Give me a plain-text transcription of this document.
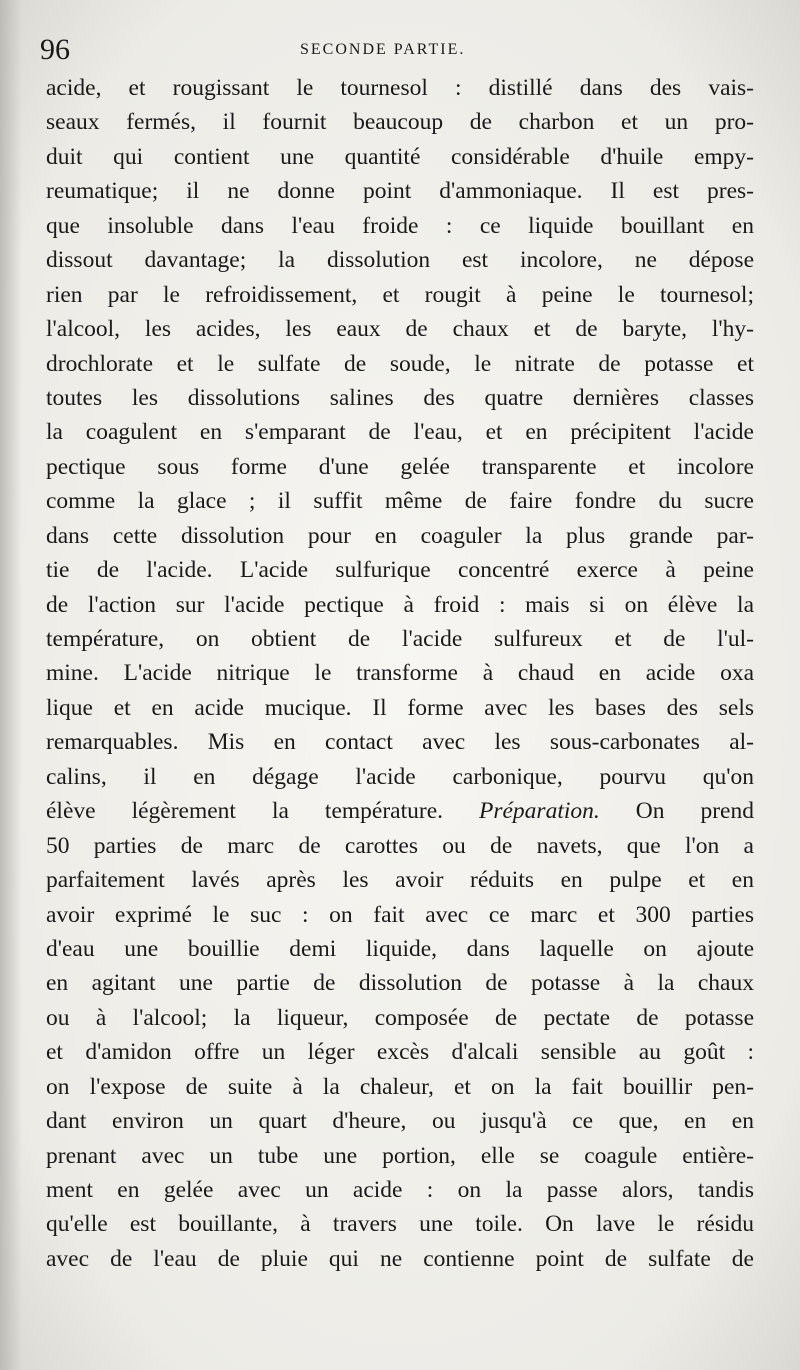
96	SECONDE PARTIE.
acide, et rougissant le tournesol : distillé dans des vais-
seaux fermés, il fournit beaucoup de charbon et un pro-
duit qui contient une quantité considérable d'huile empy-
reumatique; il ne donne point d'ammoniaque. Il est pres-
que insoluble dans l'eau froide : ce liquide bouillant en
dissout davantage; la dissolution est incolore, ne dépose
rien par le refroidissement, et rougit à peine le tournesol;
l'alcool, les acides, les eaux de chaux et de baryte, l'hy-
drochlorate et le sulfate de soude, le nitrate de potasse et
toutes les dissolutions salines des quatre dernières classes
la coagulent en s'emparant de l'eau, et en précipitent l'acide
pectique sous forme d'une gelée transparente et incolore
comme la glace ; il suffit même de faire fondre du sucre
dans cette dissolution pour en coaguler la plus grande par-
tie de l'acide. L'acide sulfurique concentré exerce à peine
de l'action sur l'acide pectique à froid : mais si on élève la
température, on obtient de l'acide sulfureux et de l'ul-
mine. L'acide nitrique le transforme à chaud en acide oxa
lique et en acide mucique. Il forme avec les bases des sels
remarquables. Mis en contact avec les sous-carbonates al-
calins, il en dégage l'acide carbonique, pourvu qu'on
élève légèrement la température. Préparation. On prend
50 parties de marc de carottes ou de navets, que l'on a
parfaitement lavés après les avoir réduits en pulpe et en
avoir exprimé le suc : on fait avec ce marc et 300 parties
d'eau une bouillie demi liquide, dans laquelle on ajoute
en agitant une partie de dissolution de potasse à la chaux
ou à l'alcool; la liqueur, composée de pectate de potasse
et d'amidon offre un léger excès d'alcali sensible au goût :
on l'expose de suite à la chaleur, et on la fait bouillir pen-
dant environ un quart d'heure, ou jusqu'à ce que, en en
prenant avec un tube une portion, elle se coagule entière-
ment en gelée avec un acide : on la passe alors, tandis
qu'elle est bouillante, à travers une toile. On lave le résidu
avec de l'eau de pluie qui ne contienne point de sulfate de
